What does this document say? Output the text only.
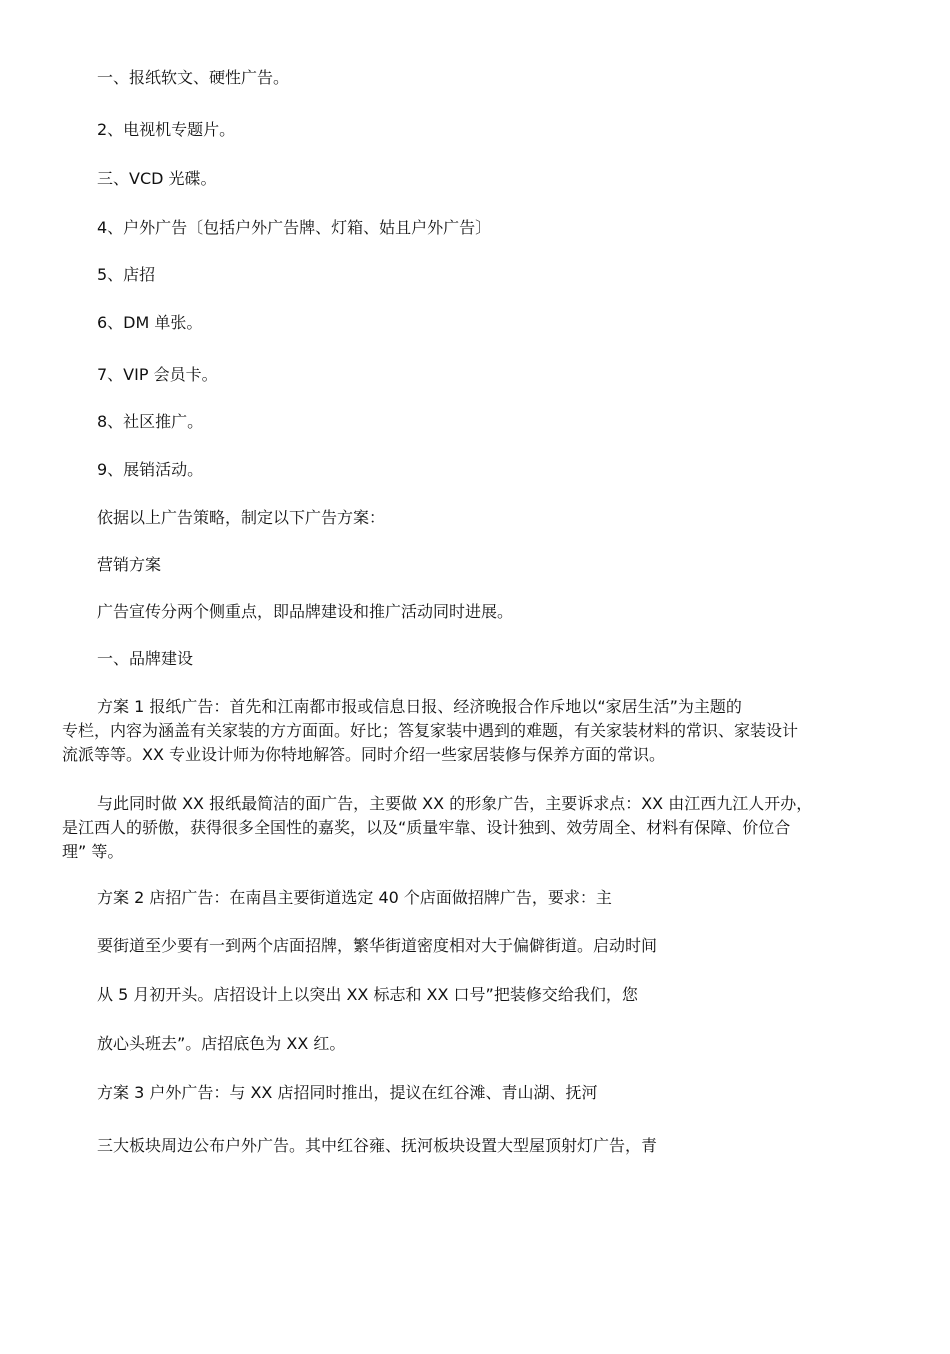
一、报纸软文、硬性广告。
2、电视机专题片。
三、VCD 光碟。
4、户外广告〔包括户外广告牌、灯箱、姑且户外广告〕
5、店招
6、DM 单张。
7、VIP 会员卡。
8、社区推广。
9、展销活动。
依据以上广告策略，制定以下广告方案：
营销方案
广告宣传分两个侧重点，即品牌建设和推广活动同时进展。
一、品牌建设
方案 1 报纸广告：首先和江南都市报或信息日报、经济晚报合作斥地以“家居生活”为主题的
专栏，内容为涵盖有关家装的方方面面。好比；答复家装中遇到的难题，有关家装材料的常识、家装设计
流派等等。XX 专业设计师为你特地解答。同时介绍一些家居装修与保养方面的常识。
与此同时做 XX 报纸最简洁的面广告，主要做 XX 的形象广告，主要诉求点：XX 由江西九江人开办，
是江西人的骄傲，获得很多全国性的嘉奖，以及“质量牢靠、设计独到、效劳周全、材料有保障、价位合
理” 等。
方案 2 店招广告：在南昌主要街道选定 40 个店面做招牌广告，要求：主
要街道至少要有一到两个店面招牌，繁华街道密度相对大于偏僻街道。启动时间
从 5 月初开头。店招设计上以突出 XX 标志和 XX 口号”把装修交给我们，您
放心头班去”。店招底色为 XX 红。
方案 3 户外广告：与 XX 店招同时推出，提议在红谷滩、青山湖、抚河
三大板块周边公布户外广告。其中红谷雍、抚河板块设置大型屋顶射灯广告，青
